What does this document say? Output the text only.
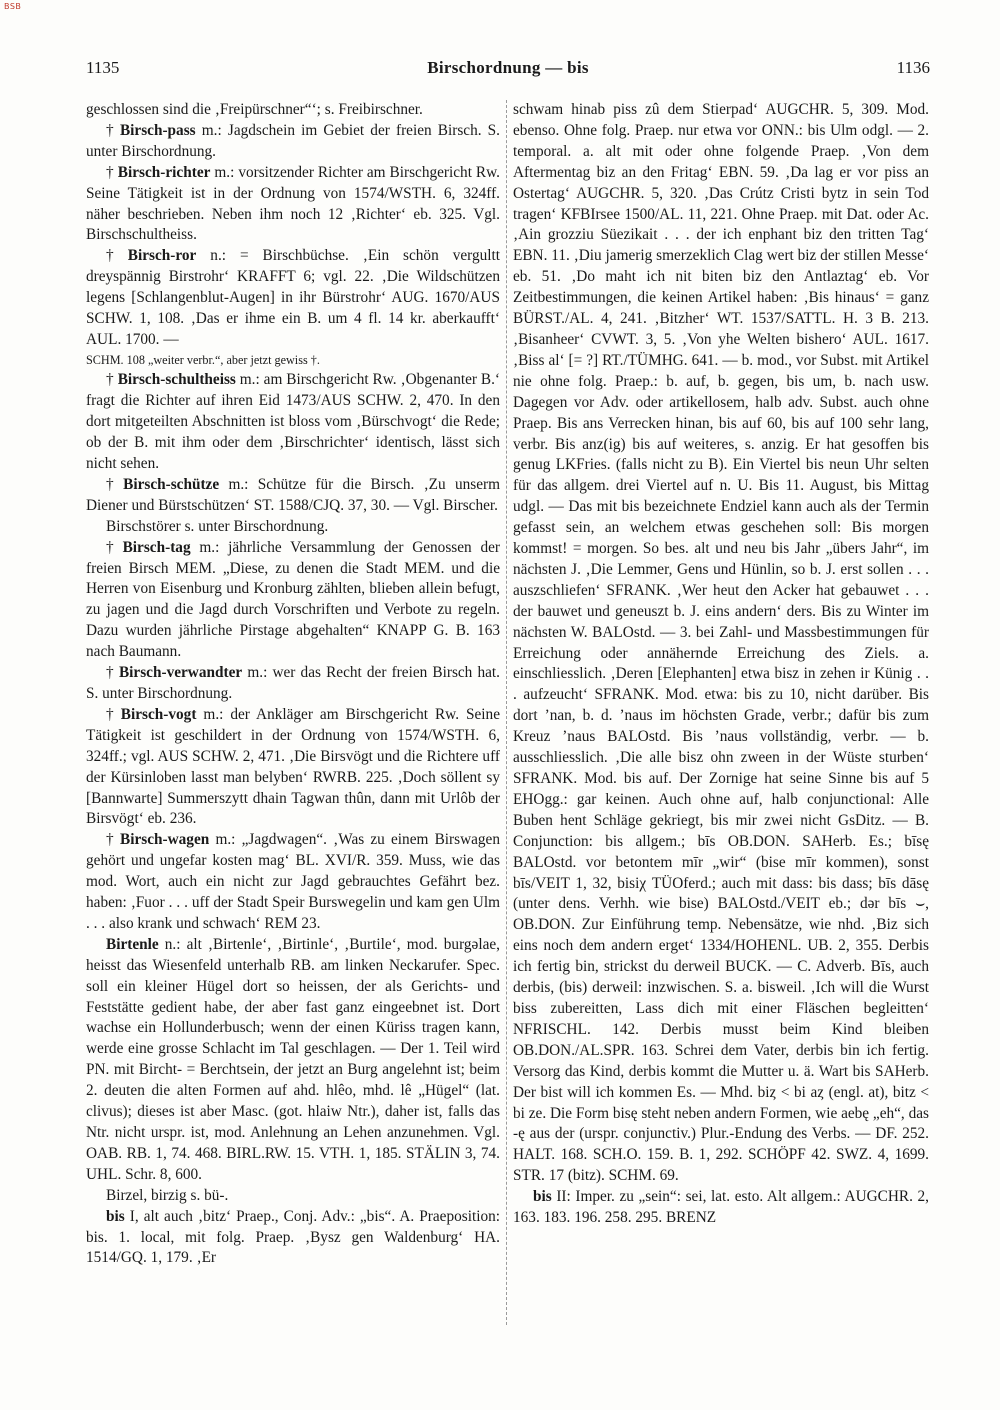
BSB
1135	Birschordnung — bis	1136

geschlossen sind die ‚Freipürschner“‘; s. Freibirschner.

† Birsch-pass m.: Jagdschein im Gebiet der freien Birsch. S. unter Birschordnung.

† Birsch-richter m.: vorsitzender Richter am Birschgericht Rw. Seine Tätigkeit ist in der Ordnung von 1574/WSTH. 6, 324ff. näher beschrieben. Neben ihm noch 12 ‚Richter‘ eb. 325. Vgl. Birschschultheiss.

† Birsch-ror n.: = Birschbüchse. ‚Ein schön vergultt dreyspännig Birstrohr‘ KRAFFT 6; vgl. 22. ‚Die Wildschützen legens [Schlangenblut-Augen] in ihr Bürstrohr‘ AUG. 1670/AUS SCHW. 1, 108. ‚Das er ihme ein B. um 4 fl. 14 kr. aberkaufft‘ AUL. 1700. —

SCHM. 108 „weiter verbr.“, aber jetzt gewiss †.

† Birsch-schultheiss m.: am Birschgericht Rw. ‚Obgenanter B.‘ fragt die Richter auf ihren Eid 1473/AUS SCHW. 2, 470. In den dort mitgeteilten Abschnitten ist bloss vom ‚Bürschvogt‘ die Rede; ob der B. mit ihm oder dem ‚Birschrichter‘ identisch, lässt sich nicht sehen.

† Birsch-schütze m.: Schütze für die Birsch. ‚Zu unserm Diener und Bürstschützen‘ ST. 1588/CJQ. 37, 30. — Vgl. Birscher.

Birschstörer s. unter Birschordnung.

† Birsch-tag m.: jährliche Versammlung der Genossen der freien Birsch MEM. „Diese, zu denen die Stadt MEM. und die Herren von Eisenburg und Kronburg zählten, blieben allein befugt, zu jagen und die Jagd durch Vorschriften und Verbote zu regeln. Dazu wurden jährliche Pirstage abgehalten“ KNAPP G. B. 163 nach Baumann.

† Birsch-verwandter m.: wer das Recht der freien Birsch hat. S. unter Birschordnung.

† Birsch-vogt m.: der Ankläger am Birschgericht Rw. Seine Tätigkeit ist geschildert in der Ordnung von 1574/WSTH. 6, 324ff.; vgl. AUS SCHW. 2, 471. ‚Die Birsvögt und die Richtere uff der Kürsinloben lasst man belyben‘ RWRB. 225. ‚Doch söllent sy [Bannwarte] Summerszytt dhain Tagwan thûn, dann mit Urlôb der Birsvögt‘ eb. 236.

† Birsch-wagen m.: „Jagdwagen“. ‚Was zu einem Birswagen gehört und ungefar kosten mag‘ BL. XVI/R. 359. Muss, wie das mod. Wort, auch ein nicht zur Jagd gebrauchtes Gefährt bez. haben: ‚Fuor . . . uff der Stadt Speir Burswegelin und kam gen Ulm . . . also krank und schwach‘ REM 23.

Birtenle n.: alt ‚Birtenle‘, ‚Birtinle‘, ‚Burtile‘, mod. burgəlae, heisst das Wiesenfeld unterhalb RB. am linken Neckarufer. Spec. soll ein kleiner Hügel dort so heissen, der als Gerichts- und Feststätte gedient habe, der aber fast ganz eingeebnet ist. Dort wachse ein Hollunderbusch; wenn der einen Küriss tragen kann, werde eine grosse Schlacht im Tal geschlagen. — Der 1. Teil wird PN. mit Bircht- = Berchtsein, der jetzt an Burg angelehnt ist; beim 2. deuten die alten Formen auf ahd. hlêo, mhd. lê „Hügel“ (lat. clivus); dieses ist aber Masc. (got. hlaiw Ntr.), daher ist, falls das Ntr. nicht urspr. ist, mod. Anlehnung an Lehen anzunehmen. Vgl. OAB. RB. 1, 74. 468. BIRL.RW. 15. VTH. 1, 185. STÄLIN 3, 74. UHL. Schr. 8, 600.

Birzel, birzig s. bü-.

bis I, alt auch ‚bitz‘ Praep., Conj. Adv.: „bis“. A. Praeposition: bis. 1. local, mit folg. Praep. ‚Bysz gen Waldenburg‘ HA. 1514/GQ. 1, 179. ‚Er

schwam hinab piss zû dem Stierpad‘ AUGCHR. 5, 309. Mod. ebenso. Ohne folg. Praep. nur etwa vor ONN.: bis Ulm odgl. — 2. temporal. a. alt mit oder ohne folgende Praep. ‚Von dem Aftermentag biz an den Fritag‘ EBN. 59. ‚Da lag er vor piss an Ostertag‘ AUGCHR. 5, 320. ‚Das Crútz Cristi bytz in sein Tod tragen‘ KFBIrsee 1500/AL. 11, 221. Ohne Praep. mit Dat. oder Ac. ‚Ain grozziu Süezikait . . . der ich enphant biz den tritten Tag‘ EBN. 11. ‚Diu jamerig smerzeklich Clag wert biz der stillen Messe‘ eb. 51. ‚Do maht ich nit biten biz den Antlaztag‘ eb. Vor Zeitbestimmungen, die keinen Artikel haben: ‚Bis hinaus‘ = ganz BÜRST./AL. 4, 241. ‚Bitzher‘ WT. 1537/SATTL. H. 3 B. 213. ‚Bisanheer‘ CVWT. 3, 5. ‚Von yhe Welten bishero‘ AUL. 1617. ‚Biss al‘ [= ?] RT./TÜMHG. 641. — b. mod., vor Subst. mit Artikel nie ohne folg. Praep.: b. auf, b. gegen, bis um, b. nach usw. Dagegen vor Adv. oder artikellosem, halb adv. Subst. auch ohne Praep. Bis ans Verrecken hinan, bis auf 60, bis auf 100 sehr lang, verbr. Bis anz(ig) bis auf weiteres, s. anzig. Er hat gesoffen bis genug LKFries. (falls nicht zu B). Ein Viertel bis neun Uhr selten für das allgem. drei Viertel auf n. U. Bis 11. August, bis Mittag udgl. — Das mit bis bezeichnete Endziel kann auch als der Termin gefasst sein, an welchem etwas geschehen soll: Bis morgen kommst! = morgen. So bes. alt und neu bis Jahr „übers Jahr“, im nächsten J. ‚Die Lemmer, Gens und Hünlin, so b. J. erst sollen . . . auszschliefen‘ SFRANK. ‚Wer heut den Acker hat gebauwet . . . der bauwet und geneuszt b. J. eins andern‘ ders. Bis zu Winter im nächsten W. BALOstd. — 3. bei Zahl- und Massbestimmungen für Erreichung oder annähernde Erreichung des Ziels. a. einschliesslich. ‚Deren [Elephanten] etwa bisz in zehen ir Künig . . . aufzeucht‘ SFRANK. Mod. etwa: bis zu 10, nicht darüber. Bis dort ’nan, b. d. ’naus im höchsten Grade, verbr.; dafür bis zum Kreuz ’naus BALOstd. Bis ’naus vollständig, verbr. — b. ausschliesslich. ‚Die alle bisz ohn zween in der Wüste sturben‘ SFRANK. Mod. bis auf. Der Zornige hat seine Sinne bis auf 5 EHOgg.: gar keinen. Auch ohne auf, halb conjunctional: Alle Buben hent Schläge gekriegt, bis mir zwei nicht GsDitz. — B. Conjunction: bis allgem.; bīs OB.DON. SAHerb. Es.; bīsę BALOstd. vor betontem mīr „wir“ (bise mīr kommen), sonst bīs/VEIT 1, 32, bisiχ TÜOferd.; auch mit dass: bis dass; bīs dāsę (unter dens. Verhh. wie bise) BALOstd./VEIT eb.; dər bīs ⌣, OB.DON. Zur Einführung temp. Nebensätze, wie nhd. ‚Biz sich eins noch dem andern erget‘ 1334/HOHENL. UB. 2, 355. Derbis ich fertig bin, strickst du derweil BUCK. — C. Adverb. Bīs, auch derbis, (bis) derweil: inzwischen. S. a. bisweil. ‚Ich will die Wurst biss zubereitten, Lass dich mit einer Fläschen begleitten‘ NFRISCHL. 142. Derbis musst beim Kind bleiben OB.DON./AL.SPR. 163. Schrei dem Vater, derbis bin ich fertig. Versorg das Kind, derbis kommt die Mutter u. ä. Wart bis SAHerb. Der bist will ich kommen Es. — Mhd. biȥ < bi aȥ (engl. at), bitz < bi ze. Die Form bisę steht neben andern Formen, wie aebę „eh“, das -ę aus der (urspr. conjunctiv.) Plur.-Endung des Verbs. — DF. 252. HALT. 168. SCH.O. 159. B. 1, 292. SCHÖPF 42. SWZ. 4, 1699. STR. 17 (bitz). SCHM. 69.

bis II: Imper. zu „sein“: sei, lat. esto. Alt allgem.: AUGCHR. 2, 163. 183. 196. 258. 295. BRENZ
